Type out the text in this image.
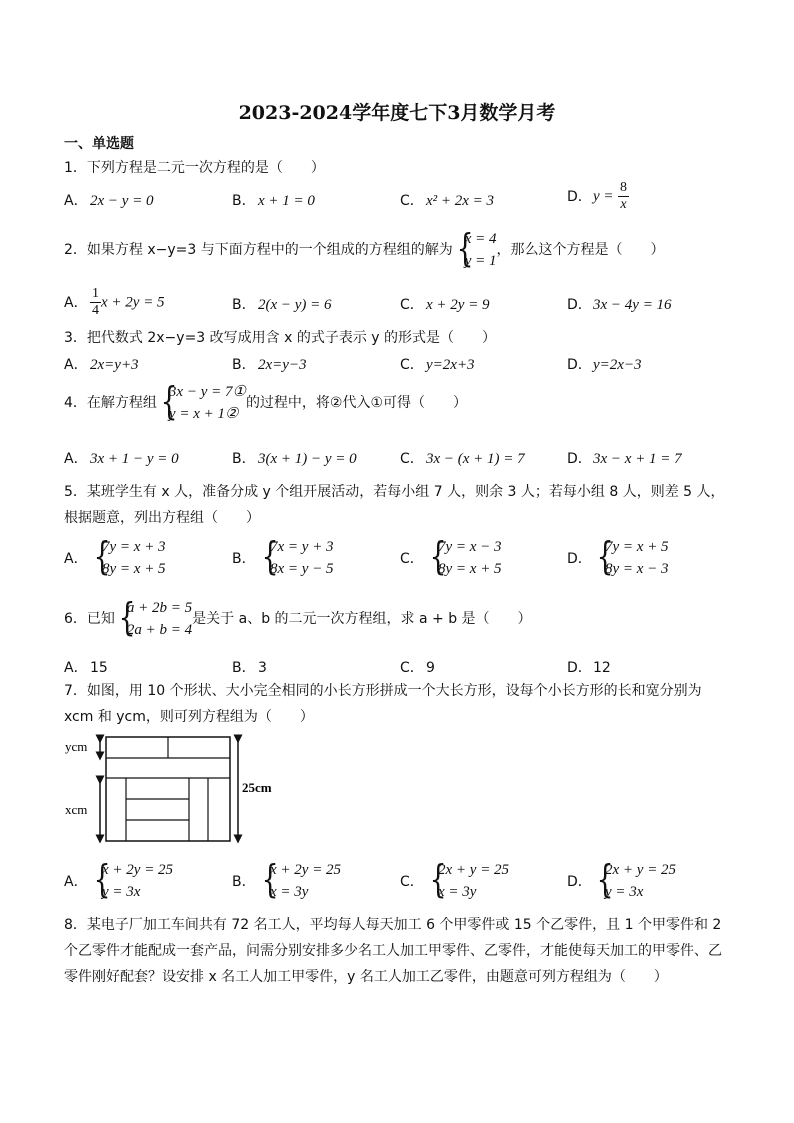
2023-2024学年度七下3月数学月考
一、单选题
1．下列方程是二元一次方程的是（　　）
A． 2x − y = 0	B． x + 1 = 0	C． x² + 2x = 3	D．$y = \frac{8}{x}$
2．如果方程 x−y=3 与下面方程中的一个组成的方程组的解为 {
x = 4
y = 1
，那么这个方程是（　　）
A． $\frac{1}{4}$ x + 2y = 5	B． 2(x − y) = 6	C． x + 2y = 9	D．3x − 4y = 16
3．把代数式 2x−y=3 改写成用含 x 的式子表示 y 的形式是（　　）
A． 2x=y+3	B． 2x=y−3	C． y=2x+3	D．y=2x−3
4．在解方程组 {
3x − y = 7①
y = x + 1②
的过程中，将②代入①可得（　　）
A． 3x + 1 − y = 0	B． 3(x + 1) − y = 0	C． 3x − (x + 1) = 7	D．3x − x + 1 = 7
5．某班学生有 x 人，准备分成 y 个组开展活动，若每小组 7 人，则余 3 人；若每小组 8 人，则差 5 人，根据题意，列出方程组（　　）
A． {
7y = x + 3
8y = x + 5
B． {
7x = y + 3
8x = y − 5
C． {
7y = x − 3
8y = x + 5
D． {
7y = x + 5
8y = x − 3
6．已知 {
a + 2b = 5
2a + b = 4
是关于 a、b 的二元一次方程组，求 a + b 是（　　）
A． 15	B． 3	C． 9	D．12
7．如图，用 10 个形状、大小完全相同的小长方形拼成一个大长方形，设每个小长方形的长和宽分别为 xcm 和 ycm，则可列方程组为（　　）
ycm
xcm
25cm
A． {
x + 2y = 25
y = 3x
B． {
x + 2y = 25
x = 3y
C． {
2x + y = 25
x = 3y
D． {
2x + y = 25
y = 3x
8．某电子厂加工车间共有 72 名工人，平均每人每天加工 6 个甲零件或 15 个乙零件，且 1 个甲零件和 2 个乙零件才能配成一套产品，问需分别安排多少名工人加工甲零件、乙零件，才能使每天加工的甲零件、乙零件刚好配套？设安排 x 名工人加工甲零件，y 名工人加工乙零件，由题意可列方程组为（　　）
